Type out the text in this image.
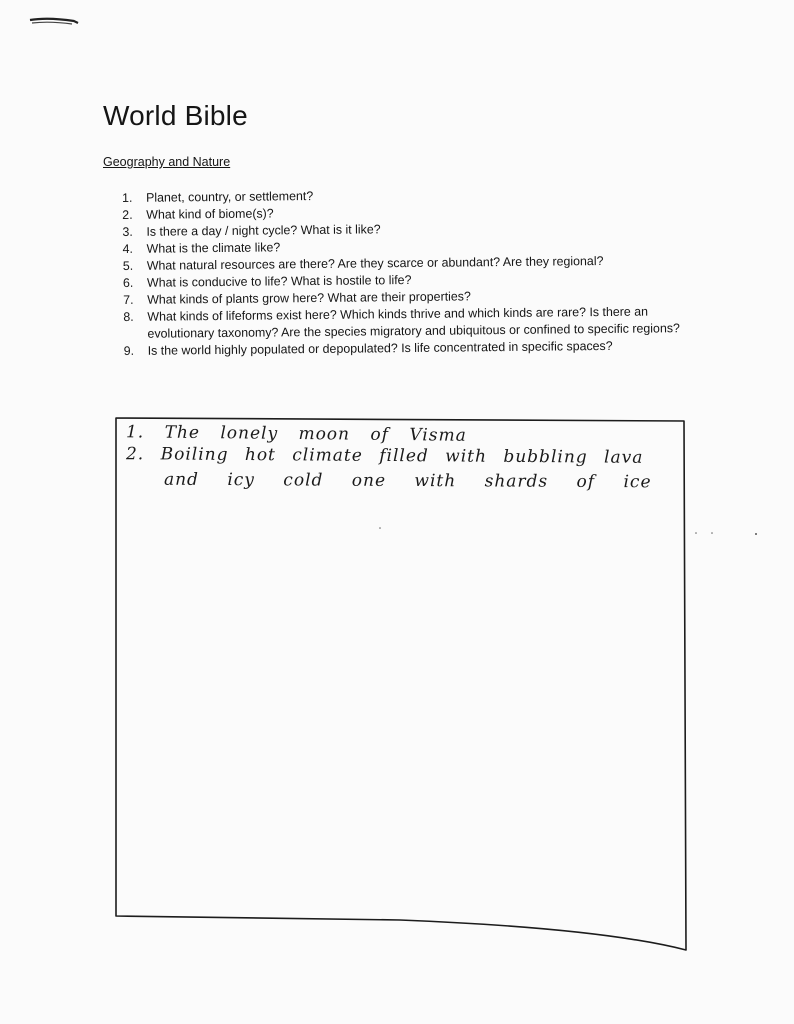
World Bible
Geography and Nature
1.	Planet, country, or settlement?
2.	What kind of biome(s)?
3.	Is there a day / night cycle? What is it like?
4.	What is the climate like?
5.	What natural resources are there? Are they scarce or abundant? Are they regional?
6.	What is conducive to life? What is hostile to life?
7.	What kinds of plants grow here? What are their properties?
8.	What kinds of lifeforms exist here? Which kinds thrive and which kinds are rare? Is there an evolutionary taxonomy? Are the species migratory and ubiquitous or confined to specific regions?
9.	Is the world highly populated or depopulated? Is life concentrated in specific spaces?
1. The lonely moon of Visma
2. Boiling hot climate filled with bubbling lava
and icy cold one with shards of ice
